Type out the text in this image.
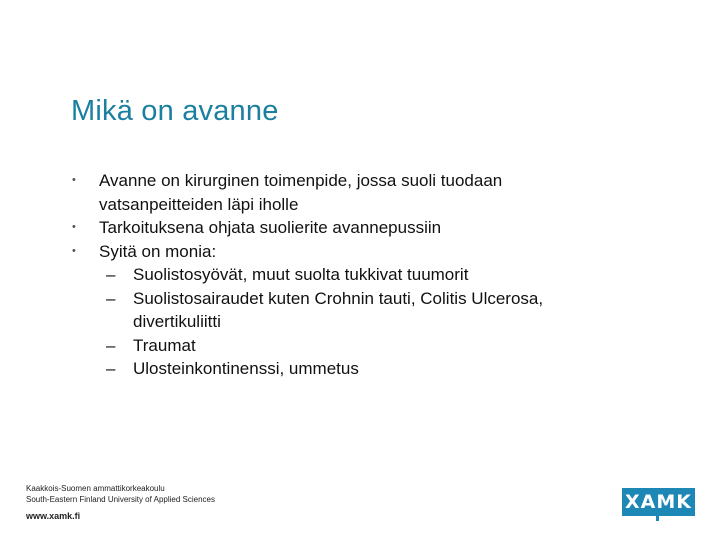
Mikä on avanne
• Avanne on kirurginen toimenpide, jossa suoli tuodaan vatsanpeitteiden läpi iholle
• Tarkoituksena ohjata suolierite avannepussiin
• Syitä on monia:
– Suolistosyövät, muut suolta tukkivat tuumorit
– Suolistosairaudet kuten Crohnin tauti, Colitis Ulcerosa, divertikuliitti
– Traumat
– Ulosteinkontinenssi, ummetus
Kaakkois-Suomen ammattikorkeakoulu
South-Eastern Finland University of Applied Sciences
www.xamk.fi
XAMK
